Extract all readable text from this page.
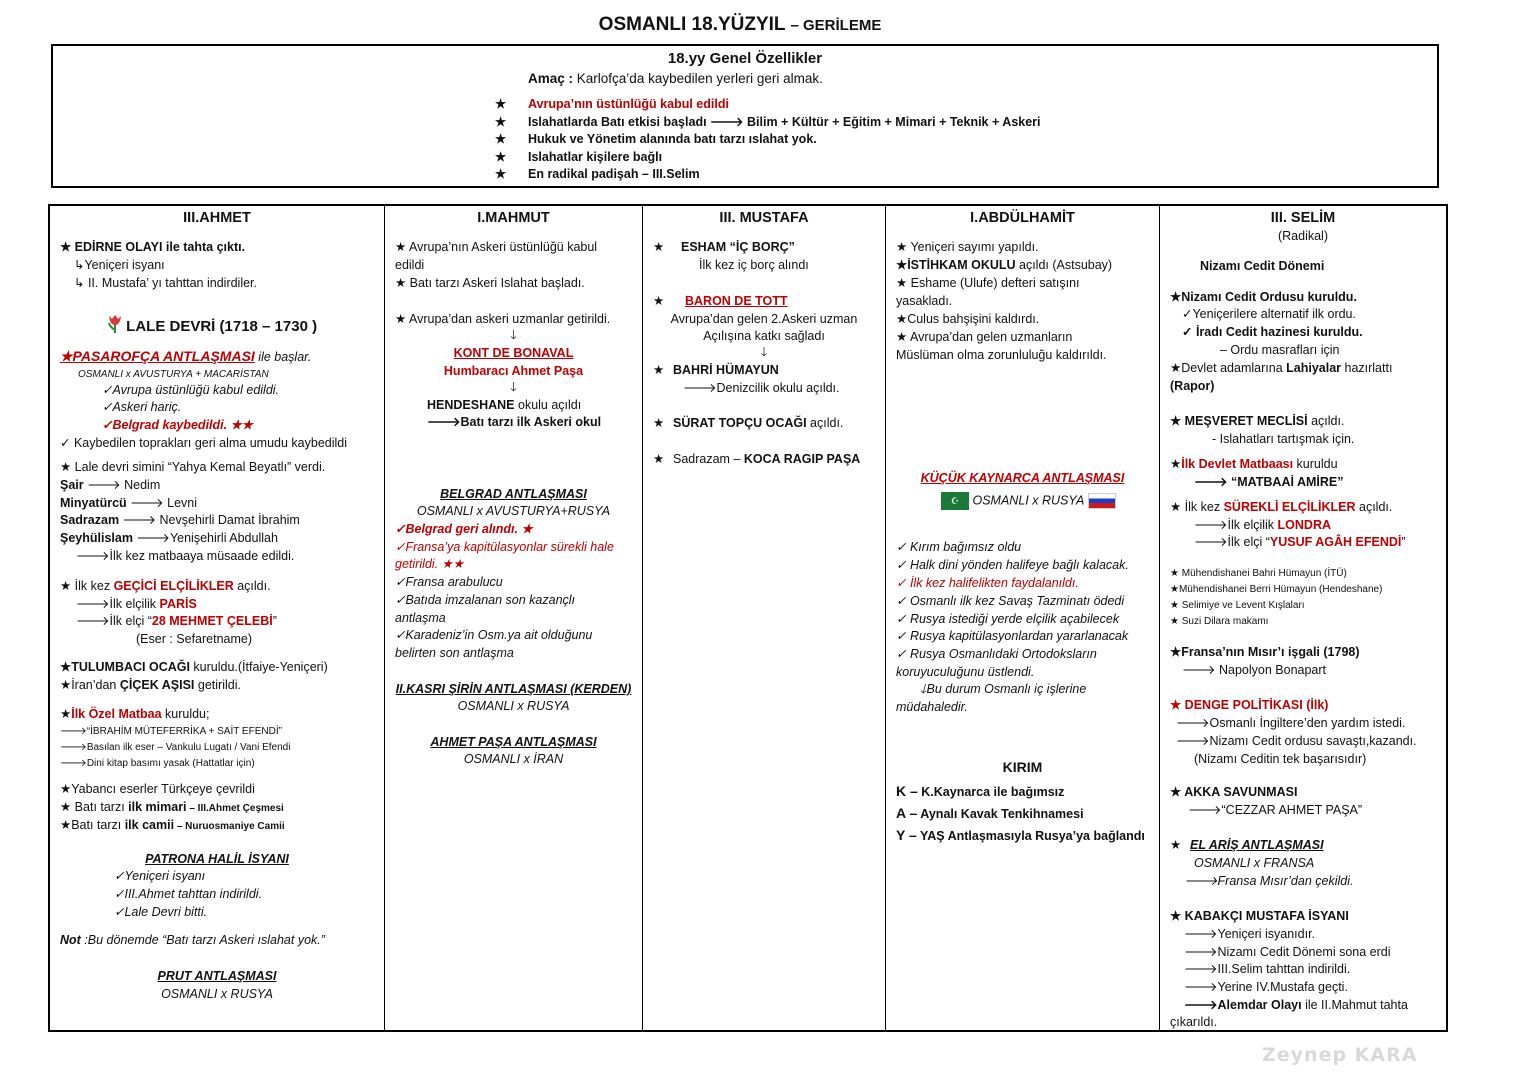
OSMANLI 18.YÜZYIL – GERİLEME
18.yy Genel Özellikler
Amaç : Karlofça’da kaybedilen yerleri geri almak.
★ Avrupa’nın üstünlüğü kabul edildi
★ Islahatlarda Batı etkisi başladı 🡒 Bilim + Kültür + Eğitim + Mimari + Teknik + Askeri
★ Hukuk ve Yönetim alanında batı tarzı ıslahat yok.
★ Islahatlar kişilere bağlı
★ En radikal padişah – III.Selim
III.AHMET
★ EDİRNE OLAYI ile tahta çıktı.
↳Yeniçeri isyanı
↳ II. Mustafa’ yı tahttan indirdiler.
LALE DEVRİ (1718 – 1730 )
★PASAROFÇA ANTLAŞMASI ile başlar.
OSMANLI x AVUSTURYA + MACARİSTAN
✓Avrupa üstünlüğü kabul edildi.
✓Askeri hariç.
✓Belgrad kaybedildi. ★★
✓ Kaybedilen toprakları geri alma umudu kaybedildi
★ Lale devri simini “Yahya Kemal Beyatlı” verdi.
Şair 🡒 Nedim
Minyatürcü 🡒 Levni
Sadrazam 🡒 Nevşehirli Damat İbrahim
Şeyhülislam 🡒Yenişehirli Abdullah
🡒İlk kez matbaaya müsaade edildi.
★ İlk kez GEÇİCİ ELÇİLİKLER açıldı.
🡒İlk elçilik PARİS
🡒İlk elçi “28 MEHMET ÇELEBİ”
(Eser : Sefaretname)
★TULUMBACI OCAĞI kuruldu.(İtfaiye-Yeniçeri)
★İran’dan ÇİÇEK AŞISI getirildi.
★İlk Özel Matbaa kuruldu;
🡒“İBRAHİM MÜTEFERRİKA + SAİT EFENDİ”
🡒Basılan ilk eser – Vankulu Lugatı / Vani Efendi
🡒Dini kitap basımı yasak (Hattatlar için)
★Yabancı eserler Türkçeye çevrildi
★ Batı tarzı ilk mimari – III.Ahmet Çeşmesi
★Batı tarzı ilk camii – Nuruosmaniye Camii
PATRONA HALİL İSYANI
✓Yeniçeri isyanı
✓III.Ahmet tahttan indirildi.
✓Lale Devri bitti.
Not :Bu dönemde “Batı tarzı Askeri ıslahat yok.”
PRUT ANTLAŞMASI
OSMANLI x RUSYA
I.MAHMUT
★ Avrupa’nın Askeri üstünlüğü kabul
edildi
★ Batı tarzı Askeri Islahat başladı.
★ Avrupa’dan askeri uzmanlar getirildi.
🡓
KONT DE BONAVAL
Humbaracı Ahmet Paşa
🡓
HENDESHANE okulu açıldı
🡒Batı tarzı ilk Askeri okul
BELGRAD ANTLAŞMASI
OSMANLI x AVUSTURYA+RUSYA
✓Belgrad geri alındı. ★
✓Fransa’ya kapitülasyonlar sürekli hale
getirildi. ★★
✓Fransa arabulucu
✓Batıda imzalanan son kazançlı
antlaşma
✓Karadeniz’in Osm.ya ait olduğunu
belirten son antlaşma
II.KASRI ŞİRİN ANTLAŞMASI (KERDEN)
OSMANLI x RUSYA
AHMET PAŞA ANTLAŞMASI
OSMANLI x İRAN
III. MUSTAFA
★ ESHAM “İÇ BORÇ”
İlk kez iç borç alındı
★ BARON DE TOTT
Avrupa’dan gelen 2.Askeri uzman
Açılışına katkı sağladı
🡓
★ BAHRİ HÜMAYUN
🡒Denizcilik okulu açıldı.
★ SÜRAT TOPÇU OCAĞI açıldı.
★ Sadrazam – KOCA RAGIP PAŞA
I.ABDÜLHAMİT
★ Yeniçeri sayımı yapıldı.
★İSTİHKAM OKULU açıldı (Astsubay)
★ Eshame (Ulufe) defteri satışını
yasakladı.
★Culus bahşişini kaldırdı.
★ Avrupa’dan gelen uzmanların
Müslüman olma zorunluluğu kaldırıldı.
KÜÇÜK KAYNARCA ANTLAŞMASI
☪ OSMANLI x RUSYA
✓ Kırım bağımsız oldu
✓ Halk dini yönden halifeye bağlı kalacak.
✓ İlk kez halifelikten faydalanıldı.
✓ Osmanlı ilk kez Savaş Tazminatı ödedi
✓ Rusya istediği yerde elçilik açabilecek
✓ Rusya kapitülasyonlardan yararlanacak
✓ Rusya Osmanlıdaki Ortodoksların
koruyuculuğunu üstlendi.
🡓Bu durum Osmanlı iç işlerine
müdahaledir.
KIRIM
K – K.Kaynarca ile bağımsız
A – Aynalı Kavak Tenkihnamesi
Y – YAŞ Antlaşmasıyla Rusya’ya bağlandı
III. SELİM
(Radikal)
Nizamı Cedit Dönemi
★Nizamı Cedit Ordusu kuruldu.
✓Yeniçerilere alternatif ilk ordu.
✓ İradı Cedit hazinesi kuruldu.
– Ordu masrafları için
★Devlet adamlarına Lahiyalar hazırlattı
(Rapor)
★ MEŞVERET MECLİSİ açıldı.
- Islahatları tartışmak için.
★İlk Devlet Matbaası kuruldu
🡒 “MATBAAİ AMİRE”
★ İlk kez SÜREKLİ ELÇİLİKLER açıldı.
🡒İlk elçilik LONDRA
🡒İlk elçi “YUSUF AGÂH EFENDİ”
★ Mühendishanei Bahri Hümayun (İTÜ)
★Mühendishanei Berri Hümayun (Hendeshane)
★ Selimiye ve Levent Kışlaları
★ Suzi Dilara makamı
★Fransa’nın Mısır’ı işgali (1798)
🡒 Napolyon Bonapart
★ DENGE POLİTİKASI (İlk)
🡒Osmanlı İngiltere’den yardım istedi.
🡒Nizamı Cedit ordusu savaştı,kazandı.
(Nizamı Ceditin tek başarısıdır)
★ AKKA SAVUNMASI
🡒“CEZZAR AHMET PAŞA”
★ EL ARİŞ ANTLAŞMASI
OSMANLI x FRANSA
🡒Fransa Mısır’dan çekildi.
★ KABAKÇI MUSTAFA İSYANI
🡒Yeniçeri isyanıdır.
🡒Nizamı Cedit Dönemi sona erdi
🡒III.Selim tahttan indirildi.
🡒Yerine IV.Mustafa geçti.
🡒Alemdar Olayı ile II.Mahmut tahta
çıkarıldı.
Zeynep KARA
